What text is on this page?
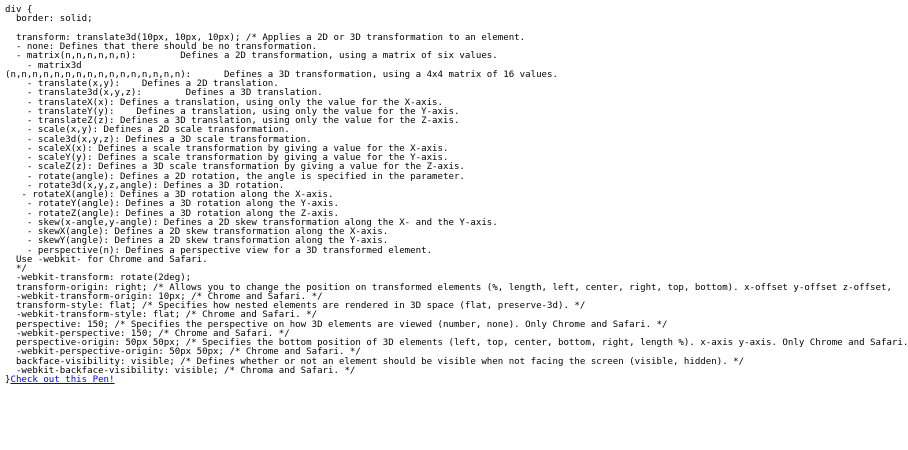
div {
border: solid;
transform: translate3d(10px, 10px, 10px); /* Applies a 2D or 3D transformation to an element.
- none: Defines that there should be no transformation.
- matrix(n,n,n,n,n,n):        Defines a 2D transformation, using a matrix of six values.
- matrix3d
(n,n,n,n,n,n,n,n,n,n,n,n,n,n,n,n):      Defines a 3D transformation, using a 4x4 matrix of 16 values.
- translate(x,y):    Defines a 2D translation.
- translate3d(x,y,z):        Defines a 3D translation.
- translateX(x): Defines a translation, using only the value for the X-axis.
- translateY(y):    Defines a translation, using only the value for the Y-axis.
- translateZ(z): Defines a 3D translation, using only the value for the Z-axis.
- scale(x,y): Defines a 2D scale transformation.
- scale3d(x,y,z): Defines a 3D scale transformation.
- scaleX(x): Defines a scale transformation by giving a value for the X-axis.
- scaleY(y): Defines a scale transformation by giving a value for the Y-axis.
- scaleZ(z): Defines a 3D scale transformation by giving a value for the Z-axis.
- rotate(angle): Defines a 2D rotation, the angle is specified in the parameter.
- rotate3d(x,y,z,angle): Defines a 3D rotation.
- rotateX(angle): Defines a 3D rotation along the X-axis.
- rotateY(angle): Defines a 3D rotation along the Y-axis.
- rotateZ(angle): Defines a 3D rotation along the Z-axis.
- skew(x-angle,y-angle): Defines a 2D skew transformation along the X- and the Y-axis.
- skewX(angle): Defines a 2D skew transformation along the X-axis.
- skewY(angle): Defines a 2D skew transformation along the Y-axis.
- perspective(n): Defines a perspective view for a 3D transformed element.
Use -webkit- for Chrome and Safari.
*/
-webkit-transform: rotate(2deg);
transform-origin: right; /* Allows you to change the position on transformed elements (%, length, left, center, right, top, bottom). x-offset y-offset z-offset,
-webkit-transform-origin: 10px; /* Chrome and Safari. */
transform-style: flat; /* Specifies how nested elements are rendered in 3D space (flat, preserve-3d). */
-webkit-transform-style: flat; /* Chrome and Safari. */
perspective: 150; /* Specifies the perspective on how 3D elements are viewed (number, none). Only Chrome and Safari. */
-webkit-perspective: 150; /* Chrome and Safari. */
perspective-origin: 50px 50px; /* Specifies the bottom position of 3D elements (left, top, center, bottom, right, length %). x-axis y-axis. Only Chrome and Safari.
-webkit-perspective-origin: 50px 50px; /* Chrome and Safari. */
backface-visibility: visible; /* Defines whether or not an element should be visible when not facing the screen (visible, hidden). */
-webkit-backface-visibility: visible; /* Chroma and Safari. */
}Check out this Pen!
